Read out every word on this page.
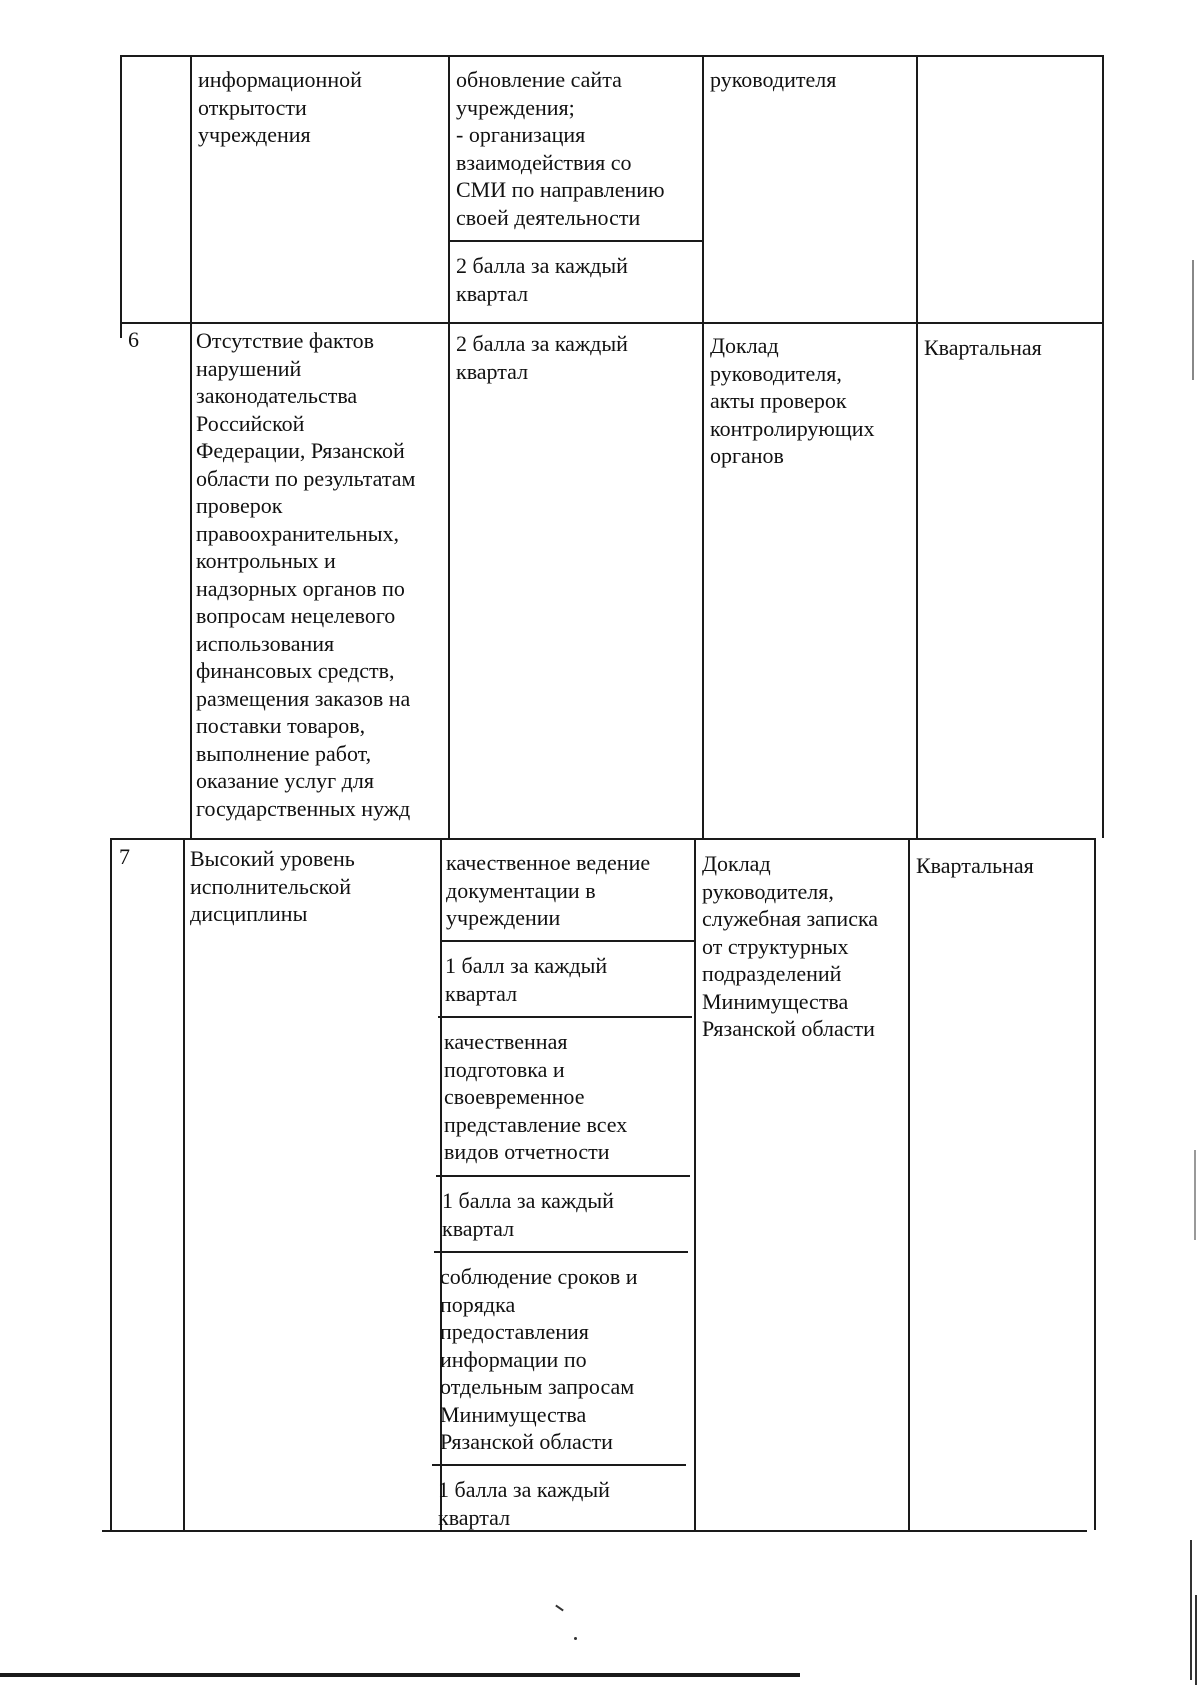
информационной
открытости
учреждения
обновление сайта
учреждения;
- организация
взаимодействия со
СМИ по направлению
своей деятельности
2 балла за каждый
квартал
руководителя
6	Отсутствие фактов
нарушений
законодательства
Российской
Федерации, Рязанской
области по результатам
проверок
правоохранительных,
контрольных и
надзорных органов по
вопросам нецелевого
использования
финансовых средств,
размещения заказов на
поставки товаров,
выполнение работ,
оказание услуг для
государственных нужд
2 балла за каждый
квартал
Доклад
руководителя,
акты проверок
контролирующих
органов
Квартальная
7	Высокий уровень
исполнительской
дисциплины
качественное ведение
документации в
учреждении
1 балл за каждый
квартал
качественная
подготовка и
своевременное
представление всех
видов отчетности
1 балла за каждый
квартал
соблюдение сроков и
порядка
предоставления
информации по
отдельным запросам
Минимущества
Рязанской области
1 балла за каждый
квартал
Доклад
руководителя,
служебная записка
от структурных
подразделений
Минимущества
Рязанской области
Квартальная
